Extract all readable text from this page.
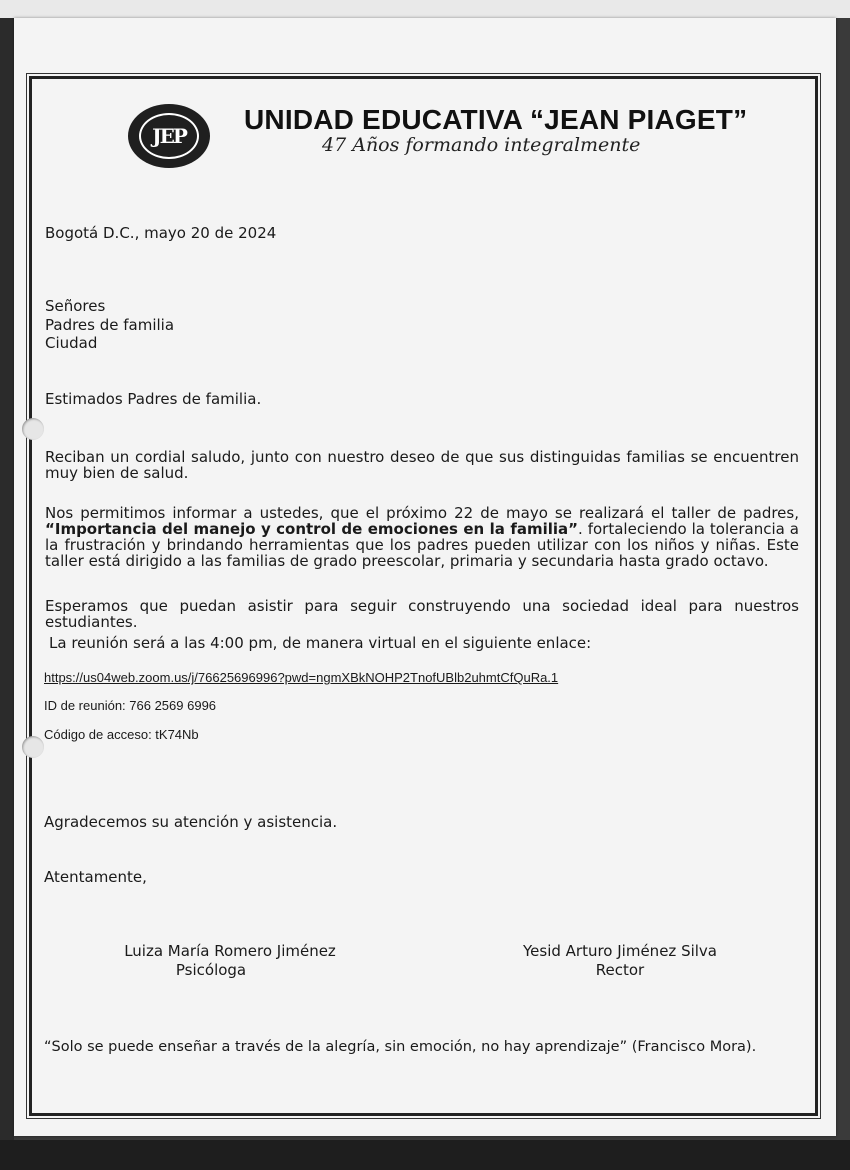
JEP
UNIDAD EDUCATIVA “JEAN PIAGET”
47 Años formando integralmente
Bogotá D.C., mayo 20 de 2024
Señores
Padres de familia
Ciudad
Estimados Padres de familia.
Reciban un cordial saludo, junto con nuestro deseo de que sus distinguidas familias se encuentren muy bien de salud.
Nos permitimos informar a ustedes, que el próximo 22 de mayo se realizará el taller de padres, “Importancia del manejo y control de emociones en la familia”. fortaleciendo la tolerancia a la frustración y brindando herramientas que los padres pueden utilizar con los niños y niñas. Este taller está dirigido a las familias de grado preescolar, primaria y secundaria hasta grado octavo.
Esperamos que puedan asistir para seguir construyendo una sociedad ideal para nuestros estudiantes.
La reunión será a las 4:00 pm, de manera virtual en el siguiente enlace:
https://us04web.zoom.us/j/76625696996?pwd=ngmXBkNOHP2TnofUBlb2uhmtCfQuRa.1
ID de reunión: 766 2569 6996
Código de acceso: tK74Nb
Agradecemos su atención y asistencia.
Atentamente,
Luiza María Romero Jiménez
Psicóloga
Yesid Arturo Jiménez Silva
Rector
“Solo se puede enseñar a través de la alegría, sin emoción, no hay aprendizaje” (Francisco Mora).
